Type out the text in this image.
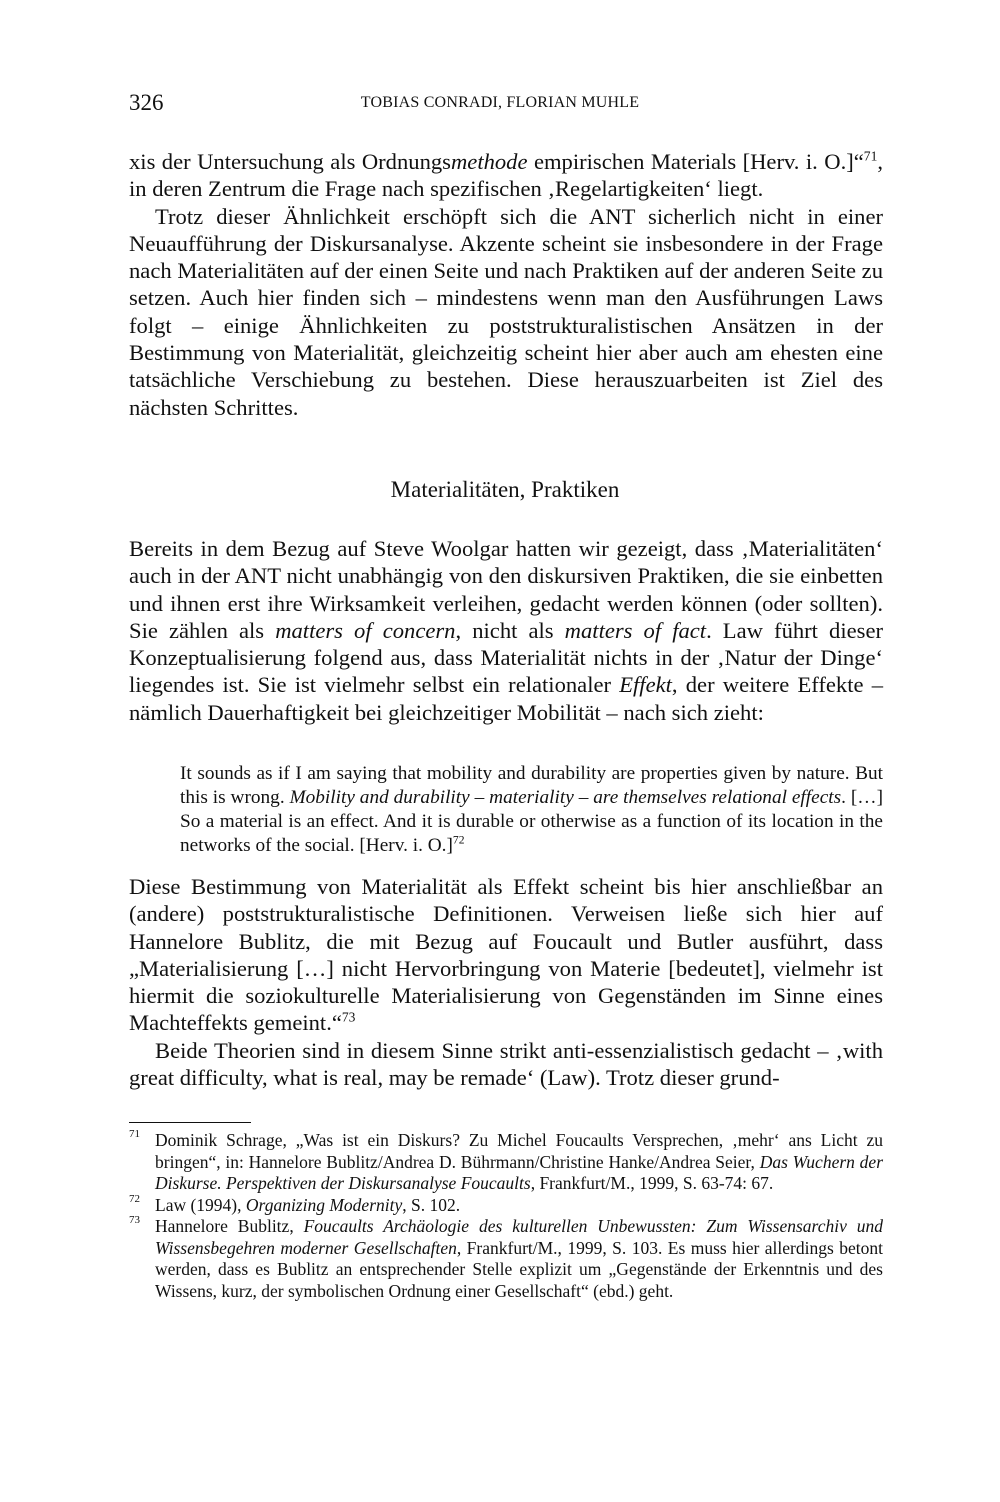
326	TOBIAS CONRADI, FLORIAN MUHLE

xis der Untersuchung als Ordnungsmethode empirischen Materials [Herv. i. O.]“$^{71}$, in deren Zentrum die Frage nach spezifischen ‚Regelartigkeiten‘ liegt.

Trotz dieser Ähnlichkeit erschöpft sich die ANT sicherlich nicht in einer Neuaufführung der Diskursanalyse. Akzente scheint sie insbesondere in der Frage nach Materialitäten auf der einen Seite und nach Praktiken auf der anderen Seite zu setzen. Auch hier finden sich – mindestens wenn man den Ausführungen Laws folgt – einige Ähnlichkeiten zu poststrukturalistischen Ansätzen in der Bestimmung von Materialität, gleichzeitig scheint hier aber auch am ehesten eine tatsächliche Verschiebung zu bestehen. Diese herauszuarbeiten ist Ziel des nächsten Schrittes.

Materialitäten, Praktiken

Bereits in dem Bezug auf Steve Woolgar hatten wir gezeigt, dass ‚Materialitäten‘ auch in der ANT nicht unabhängig von den diskursiven Praktiken, die sie einbetten und ihnen erst ihre Wirksamkeit verleihen, gedacht werden können (oder sollten). Sie zählen als matters of concern, nicht als matters of fact. Law führt dieser Konzeptualisierung folgend aus, dass Materialität nichts in der ‚Natur der Dinge‘ liegendes ist. Sie ist vielmehr selbst ein relationaler Effekt, der weitere Effekte – nämlich Dauerhaftigkeit bei gleichzeitiger Mobilität – nach sich zieht:

It sounds as if I am saying that mobility and durability are properties given by nature. But this is wrong. Mobility and durability – materiality – are themselves relational effects. […] So a material is an effect. And it is durable or otherwise as a function of its location in the networks of the social. [Herv. i. O.]$^{72}$

Diese Bestimmung von Materialität als Effekt scheint bis hier anschließbar an (andere) poststrukturalistische Definitionen. Verweisen ließe sich hier auf Hannelore Bublitz, die mit Bezug auf Foucault und Butler ausführt, dass „Materialisierung […] nicht Hervorbringung von Materie [bedeutet], vielmehr ist hiermit die soziokulturelle Materialisierung von Gegenständen im Sinne eines Machteffekts gemeint.“$^{73}$

Beide Theorien sind in diesem Sinne strikt anti-essenzialistisch gedacht – ‚with great difficulty, what is real, may be remade‘ (Law). Trotz dieser grund-

71 Dominik Schrage, „Was ist ein Diskurs? Zu Michel Foucaults Versprechen, ‚mehr‘ ans Licht zu bringen“, in: Hannelore Bublitz/Andrea D. Bührmann/Christine Hanke/Andrea Seier, Das Wuchern der Diskurse. Perspektiven der Diskursanalyse Foucaults, Frankfurt/M., 1999, S. 63-74: 67.

72 Law (1994), Organizing Modernity, S. 102.

73 Hannelore Bublitz, Foucaults Archäologie des kulturellen Unbewussten: Zum Wissensarchiv und Wissensbegehren moderner Gesellschaften, Frankfurt/M., 1999, S. 103. Es muss hier allerdings betont werden, dass es Bublitz an entsprechender Stelle explizit um „Gegenstände der Erkenntnis und des Wissens, kurz, der symbolischen Ordnung einer Gesellschaft“ (ebd.) geht.
